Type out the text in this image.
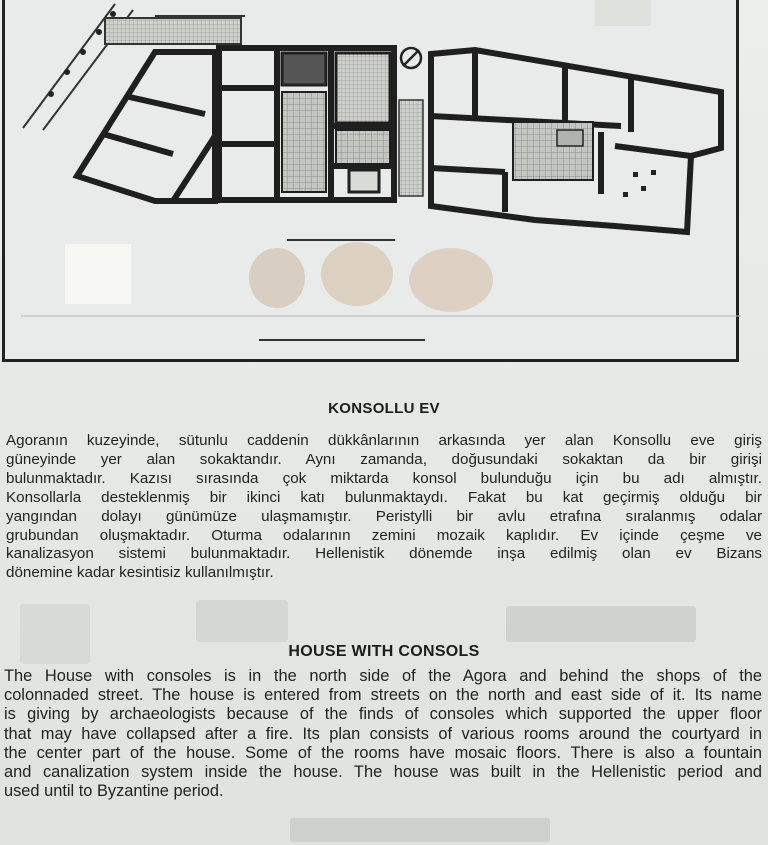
KONSOLLU EV
Agoranın kuzeyinde, sütunlu caddenin dükkânlarının arkasında yer alan Konsollu eve giriş
güneyinde yer alan sokaktandır. Aynı zamanda, doğusundaki sokaktan da bir girişi
bulunmaktadır. Kazısı sırasında çok miktarda konsol bulunduğu için bu adı almıştır.
Konsollarla desteklenmiş bir ikinci katı bulunmaktaydı. Fakat bu kat geçirmiş olduğu bir
yangından dolayı günümüze ulaşmamıştır. Peristylli bir avlu etrafına sıralanmış odalar
grubundan oluşmaktadır. Oturma odalarının zemini mozaik kaplıdır. Ev içinde çeşme ve
kanalizasyon sistemi bulunmaktadır. Hellenistik dönemde inşa edilmiş olan ev Bizans
dönemine kadar kesintisiz kullanılmıştır.
HOUSE WITH CONSOLS
The House with consoles is in the north side of the Agora and behind the shops of the
colonnaded street. The house is entered from streets on the north and east side of it. Its name
is giving by archaeologists because of the finds of consoles which supported the upper floor
that may have collapsed after a fire. Its plan consists of various rooms around the courtyard in
the center part of the house. Some of the rooms have mosaic floors. There is also a fountain
and canalization system inside the house. The house was built in the Hellenistic period and
used until to Byzantine period.
